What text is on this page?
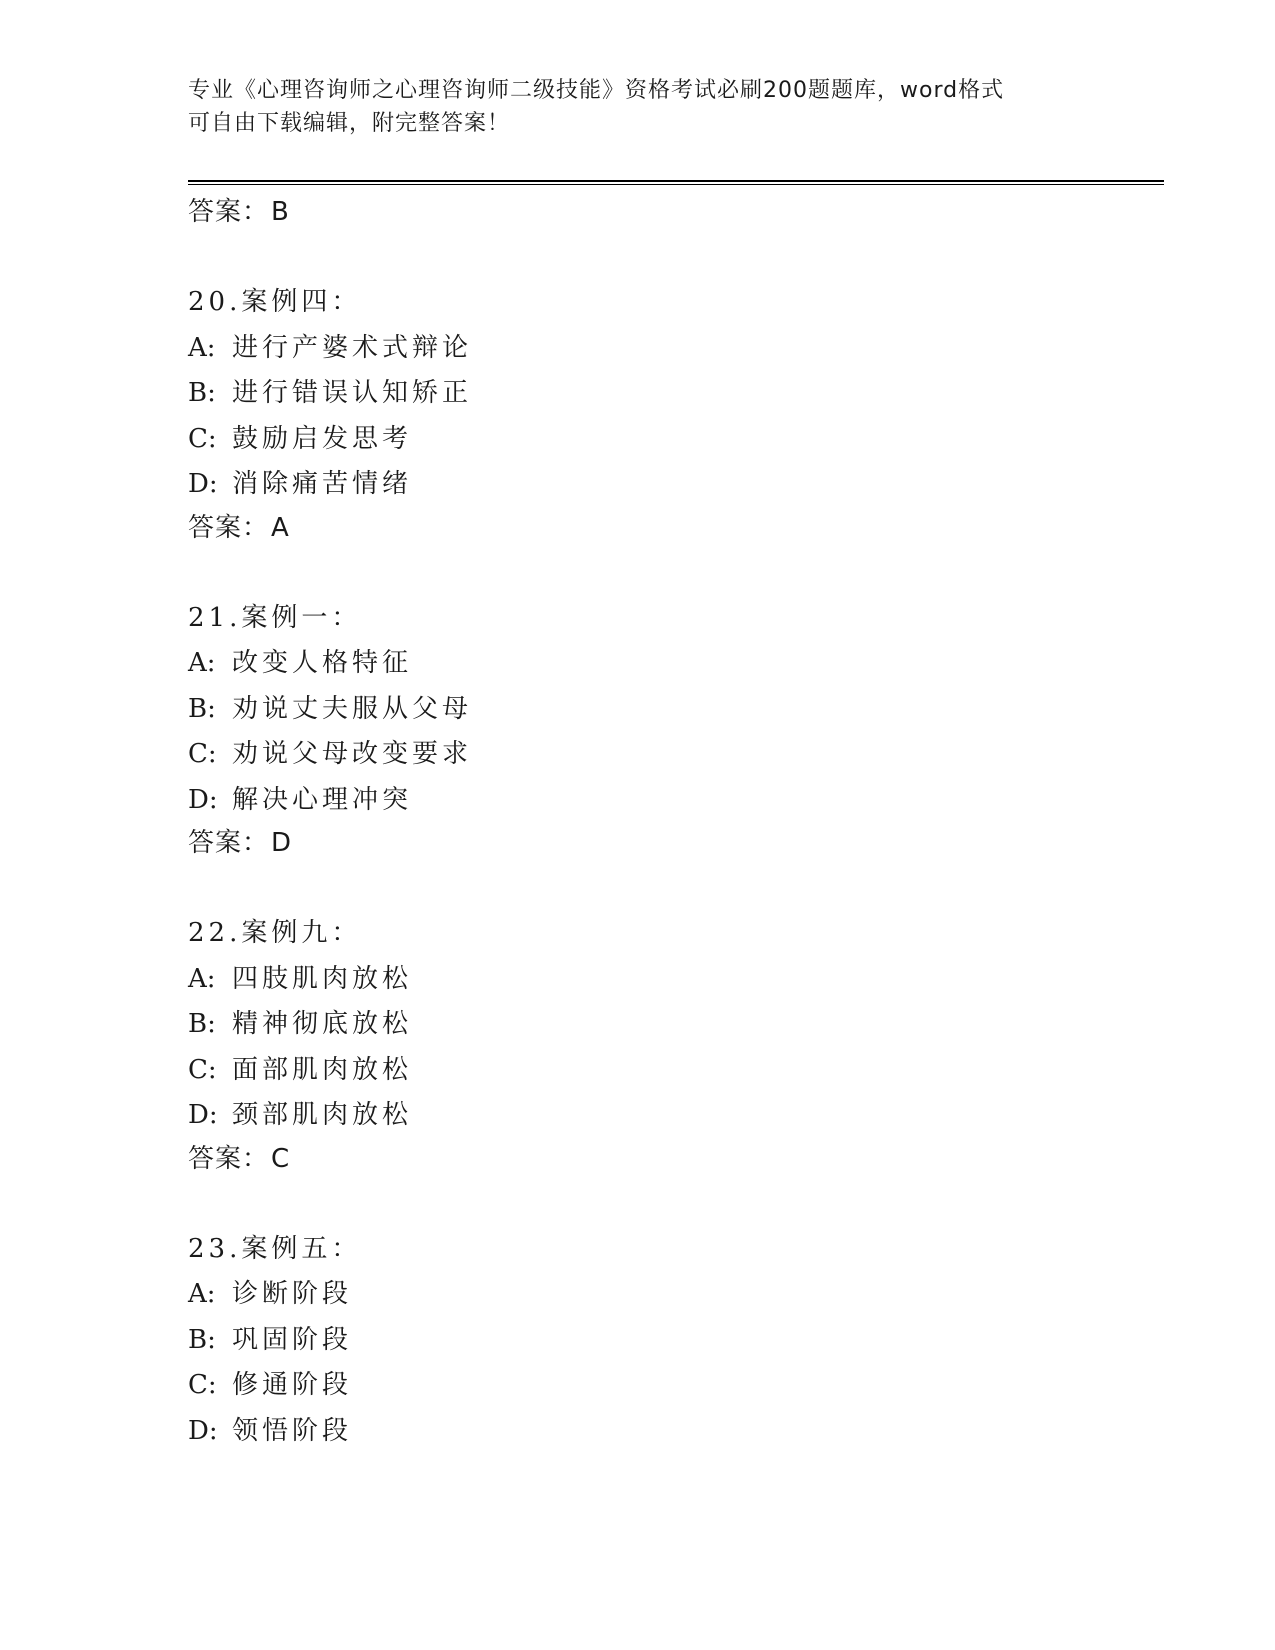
专业《心理咨询师之心理咨询师二级技能》资格考试必刷200题题库，word格式
可自由下载编辑，附完整答案！
答案：B
20.案例四：
A: 进行产婆术式辩论
B: 进行错误认知矫正
C: 鼓励启发思考
D: 消除痛苦情绪
答案：A
21.案例一：
A: 改变人格特征
B: 劝说丈夫服从父母
C: 劝说父母改变要求
D: 解决心理冲突
答案：D
22.案例九：
A: 四肢肌肉放松
B: 精神彻底放松
C: 面部肌肉放松
D: 颈部肌肉放松
答案：C
23.案例五：
A: 诊断阶段
B: 巩固阶段
C: 修通阶段
D: 领悟阶段
